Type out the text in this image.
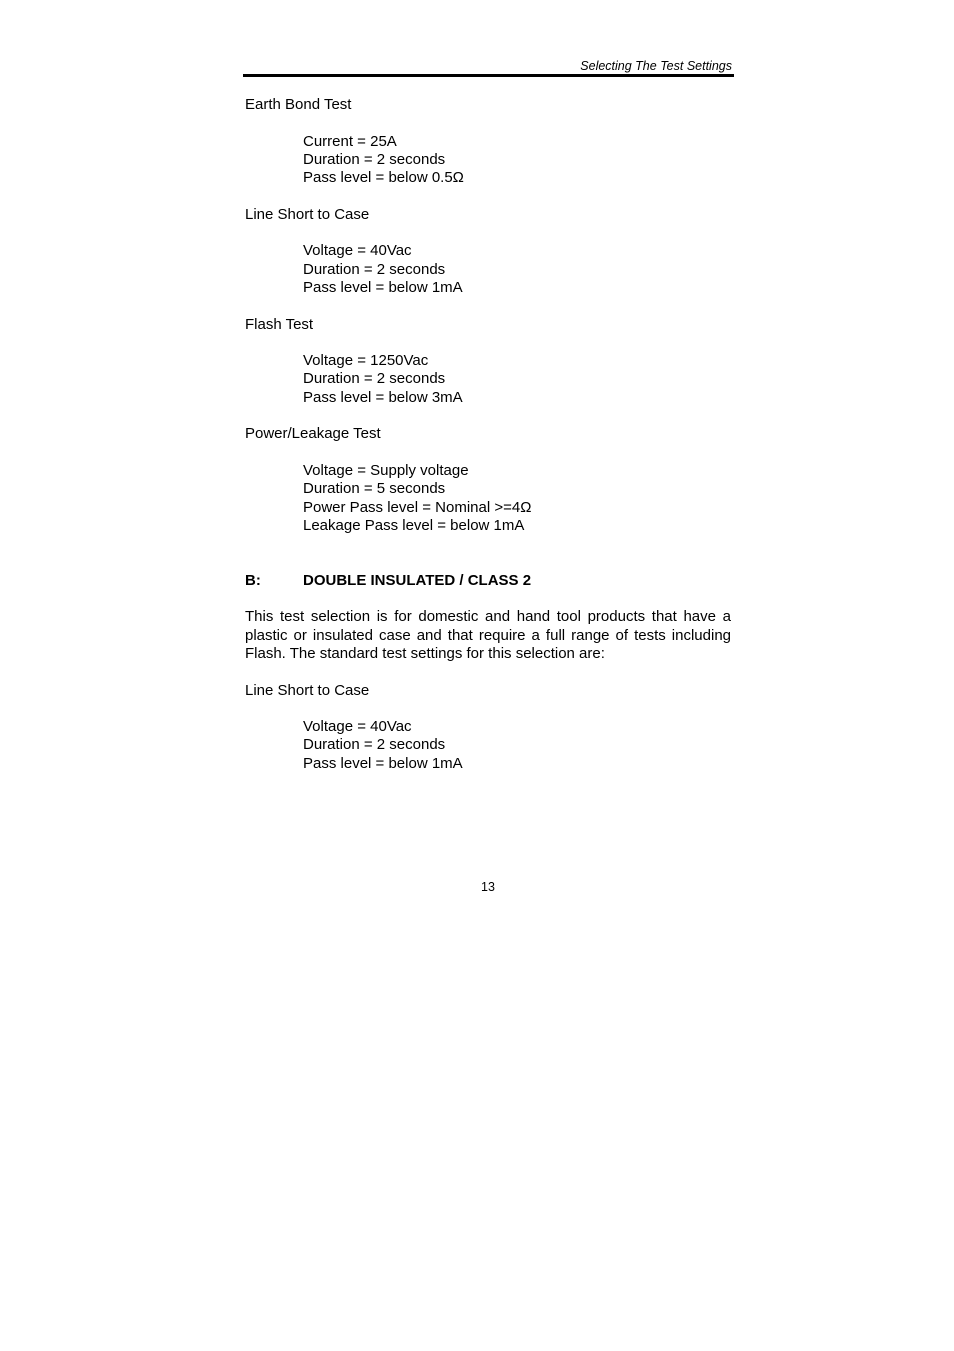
Selecting The Test Settings
Earth Bond Test
Current = 25A
Duration = 2 seconds
Pass level = below 0.5Ω
Line Short to Case
Voltage = 40Vac
Duration = 2 seconds
Pass level = below 1mA
Flash Test
Voltage = 1250Vac
Duration = 2 seconds
Pass level = below 3mA
Power/Leakage Test
Voltage = Supply voltage
Duration = 5 seconds
Power Pass level = Nominal >=4Ω
Leakage Pass level = below 1mA
B:	DOUBLE INSULATED / CLASS 2
This test selection is for domestic and hand tool products that have a plastic or insulated case and that require a full range of tests including Flash. The standard test settings for this selection are:
Line Short to Case
Voltage = 40Vac
Duration = 2 seconds
Pass level = below 1mA
13
